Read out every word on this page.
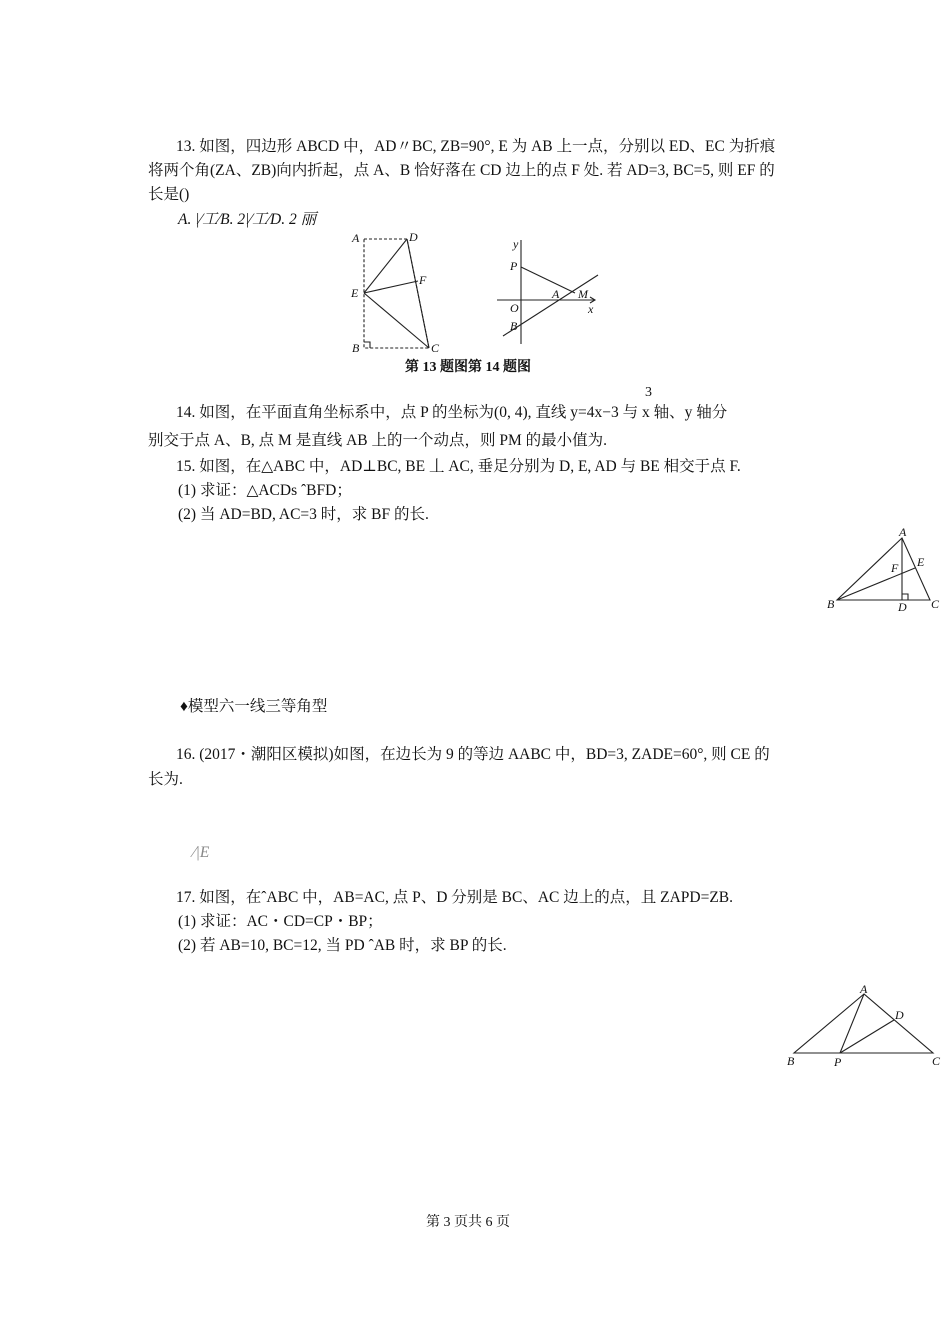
13. 如图，四边形 ABCD 中，AD〃BC, ZB=90°, E 为 AB 上一点，分别以 ED、EC 为折痕
将两个角(ZA、ZB)向内折起，点 A、B 恰好落在 CD 边上的点 F 处. 若 AD=3, BC=5, 则 EF 的
长是()
A. |⁄工⁄B. 2|⁄工⁄D. 2 丽
A	D
E
F
B	C
y
P
O
B
A M
x
第 13 题图第 14 题图
3
14. 如图，在平面直角坐标系中，点 P 的坐标为(0, 4), 直线 y=4x−3 与 x 轴、y 轴分
别交于点 A、B, 点 M 是直线 AB 上的一个动点，则 PM 的最小值为.
15. 如图，在△ABC 中，AD⊥BC, BE 丄 AC, 垂足分别为 D, E, AD 与 BE 相交于点 F.
(1) 求证：△ACDs ˆBFD；
(2) 当 AD=BD, AC=3 时，求 BF 的长.
A
E
F
B	D C
♦模型六一线三等角型
16. (2017・潮阳区模拟)如图，在边长为 9 的等边 AABC 中，BD=3, ZADE=60°, 则 CE 的
长为.
⁄|E
17. 如图，在ˆABC 中，AB=AC, 点 P、D 分别是 BC、AC 边上的点，且 ZAPD=ZB.
(1) 求证：AC・CD=CP・BP；
(2) 若 AB=10, BC=12, 当 PD ˆAB 时，求 BP 的长.
A
D
B	P	C
第 3 页共 6 页
